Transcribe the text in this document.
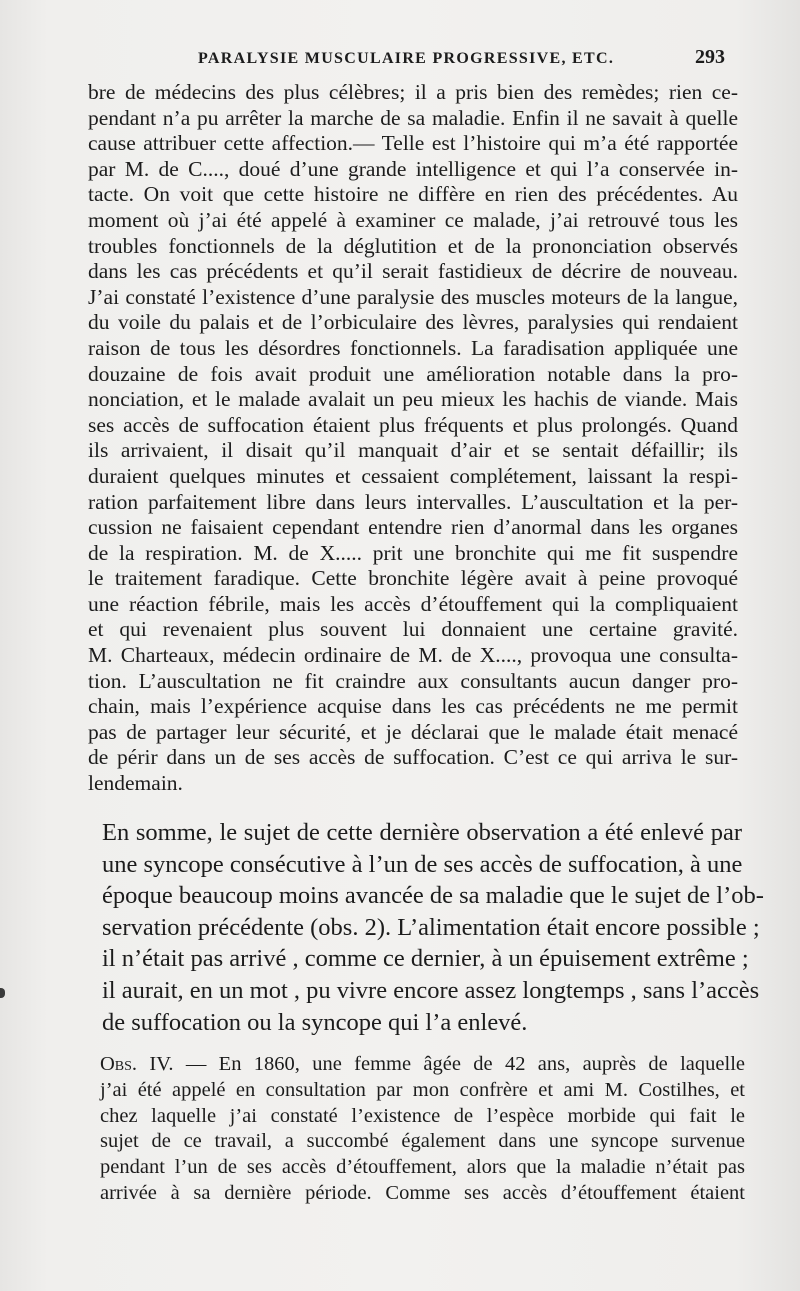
PARALYSIE MUSCULAIRE PROGRESSIVE, ETC.	293
bre de médecins des plus célèbres; il a pris bien des remèdes; rien ce-
pendant n’a pu arrêter la marche de sa maladie. Enfin il ne savait à quelle
cause attribuer cette affection.— Telle est l’histoire qui m’a été rapportée
par M. de C...., doué d’une grande intelligence et qui l’a conservée in-
tacte. On voit que cette histoire ne diffère en rien des précédentes. Au
moment où j’ai été appelé à examiner ce malade, j’ai retrouvé tous les
troubles fonctionnels de la déglutition et de la prononciation observés
dans les cas précédents et qu’il serait fastidieux de décrire de nouveau.
J’ai constaté l’existence d’une paralysie des muscles moteurs de la langue,
du voile du palais et de l’orbiculaire des lèvres, paralysies qui rendaient
raison de tous les désordres fonctionnels. La faradisation appliquée une
douzaine de fois avait produit une amélioration notable dans la pro-
nonciation, et le malade avalait un peu mieux les hachis de viande. Mais
ses accès de suffocation étaient plus fréquents et plus prolongés. Quand
ils arrivaient, il disait qu’il manquait d’air et se sentait défaillir; ils
duraient quelques minutes et cessaient complétement, laissant la respi-
ration parfaitement libre dans leurs intervalles. L’auscultation et la per-
cussion ne faisaient cependant entendre rien d’anormal dans les organes
de la respiration. M. de X..... prit une bronchite qui me fit suspendre
le traitement faradique. Cette bronchite légère avait à peine provoqué
une réaction fébrile, mais les accès d’étouffement qui la compliquaient
et qui revenaient plus souvent lui donnaient une certaine gravité.
M. Charteaux, médecin ordinaire de M. de X...., provoqua une consulta-
tion. L’auscultation ne fit craindre aux consultants aucun danger pro-
chain, mais l’expérience acquise dans les cas précédents ne me permit
pas de partager leur sécurité, et je déclarai que le malade était menacé
de périr dans un de ses accès de suffocation. C’est ce qui arriva le sur-
lendemain.
En somme, le sujet de cette dernière observation a été enlevé par
une syncope consécutive à l’un de ses accès de suffocation, à une
époque beaucoup moins avancée de sa maladie que le sujet de l’ob-
servation précédente (obs. 2). L’alimentation était encore possible ;
il n’était pas arrivé , comme ce dernier, à un épuisement extrême ;
il aurait, en un mot , pu vivre encore assez longtemps , sans l’accès
de suffocation ou la syncope qui l’a enlevé.
Obs. IV. — En 1860, une femme âgée de 42 ans, auprès de laquelle
j’ai été appelé en consultation par mon confrère et ami M. Costilhes, et
chez laquelle j’ai constaté l’existence de l’espèce morbide qui fait le
sujet de ce travail, a succombé également dans une syncope survenue
pendant l’un de ses accès d’étouffement, alors que la maladie n’était pas
arrivée à sa dernière période. Comme ses accès d’étouffement étaient
